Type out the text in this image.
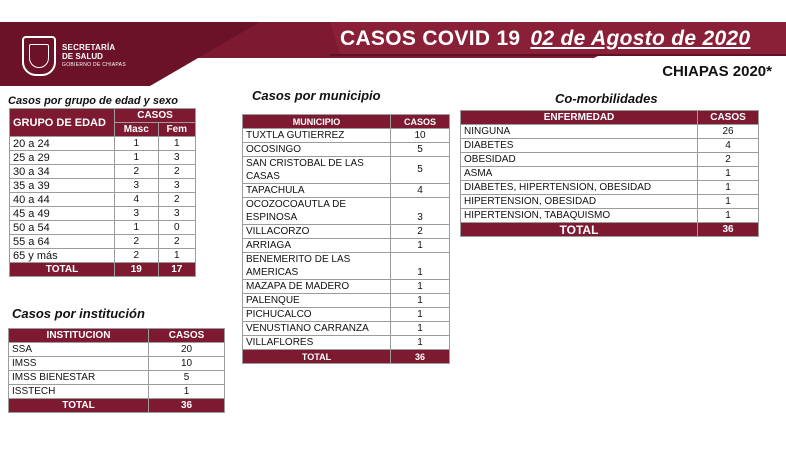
SECRETARÍA
DE SALUD
GOBIERNO DE CHIAPAS
CASOS COVID 19 02 de Agosto de 2020
CHIAPAS 2020*
Casos por grupo de edad y sexo
GRUPO DE EDAD	CASOS	
	Masc	Fem
20 a 24	1	1
25 a 29	1	3
30 a 34	2	2
35 a 39	3	3
40 a 44	4	2
45 a 49	3	3
50 a 54	1	0
55 a 64	2	2
65 y más	2	1
TOTAL	19	17
Casos por institución
INSTITUCION	CASOS
SSA	20
IMSS	10
IMSS BIENESTAR	5
ISSTECH	1
TOTAL	36
Casos por municipio
MUNICIPIO	CASOS

TUXTLA GUTIERREZ	10

OCOSINGO	5

SAN CRISTOBAL DE LAS CASAS	5

TAPACHULA	4

OCOZOCOAUTLA DE
ESPINOSA	3

VILLACORZO	2

ARRIAGA	1

BENEMERITO DE LAS
AMERICAS	1

MAZAPA DE MADERO	1

PALENQUE	1

PICHUCALCO	1

VENUSTIANO CARRANZA	1

VILLAFLORES	1
TOTAL	36
Co-morbilidades
ENFERMEDAD	CASOS
NINGUNA	26
DIABETES	4
OBESIDAD	2
ASMA	1
DIABETES, HIPERTENSION, OBESIDAD	1
HIPERTENSION, OBESIDAD	1
HIPERTENSION, TABAQUISMO	1
TOTAL	36
